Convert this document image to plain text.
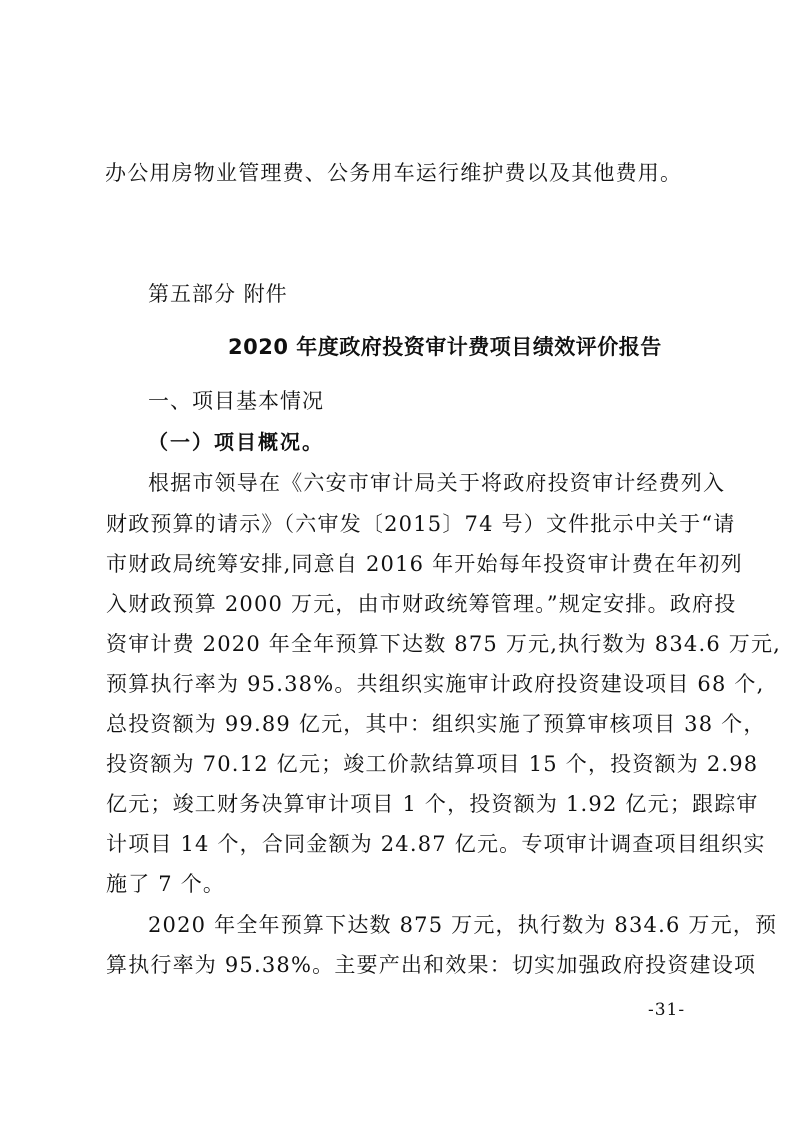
办公用房物业管理费、公务用车运行维护费以及其他费用。

第五部分 附件

2020 年度政府投资审计费项目绩效评价报告

一、项目基本情况

（一）项目概况。

根据市领导在《六安市审计局关于将政府投资审计经费列入

财政预算的请示》（六审发〔2015〕74 号）文件批示中关于“请

市财政局统筹安排,同意自 2016 年开始每年投资审计费在年初列

入财政预算 2000 万元，由市财政统筹管理。”规定安排。政府投

资审计费 2020 年全年预算下达数 875 万元,执行数为 834.6 万元,

预算执行率为 95.38%。共组织实施审计政府投资建设项目 68 个,

总投资额为 99.89 亿元，其中：组织实施了预算审核项目 38 个，

投资额为 70.12 亿元；竣工价款结算项目 15 个，投资额为 2.98

亿元；竣工财务决算审计项目 1 个，投资额为 1.92 亿元；跟踪审

计项目 14 个，合同金额为 24.87 亿元。专项审计调查项目组织实

施了 7 个。

2020 年全年预算下达数 875 万元，执行数为 834.6 万元，预

算执行率为 95.38%。主要产出和效果：切实加强政府投资建设项

-31-
